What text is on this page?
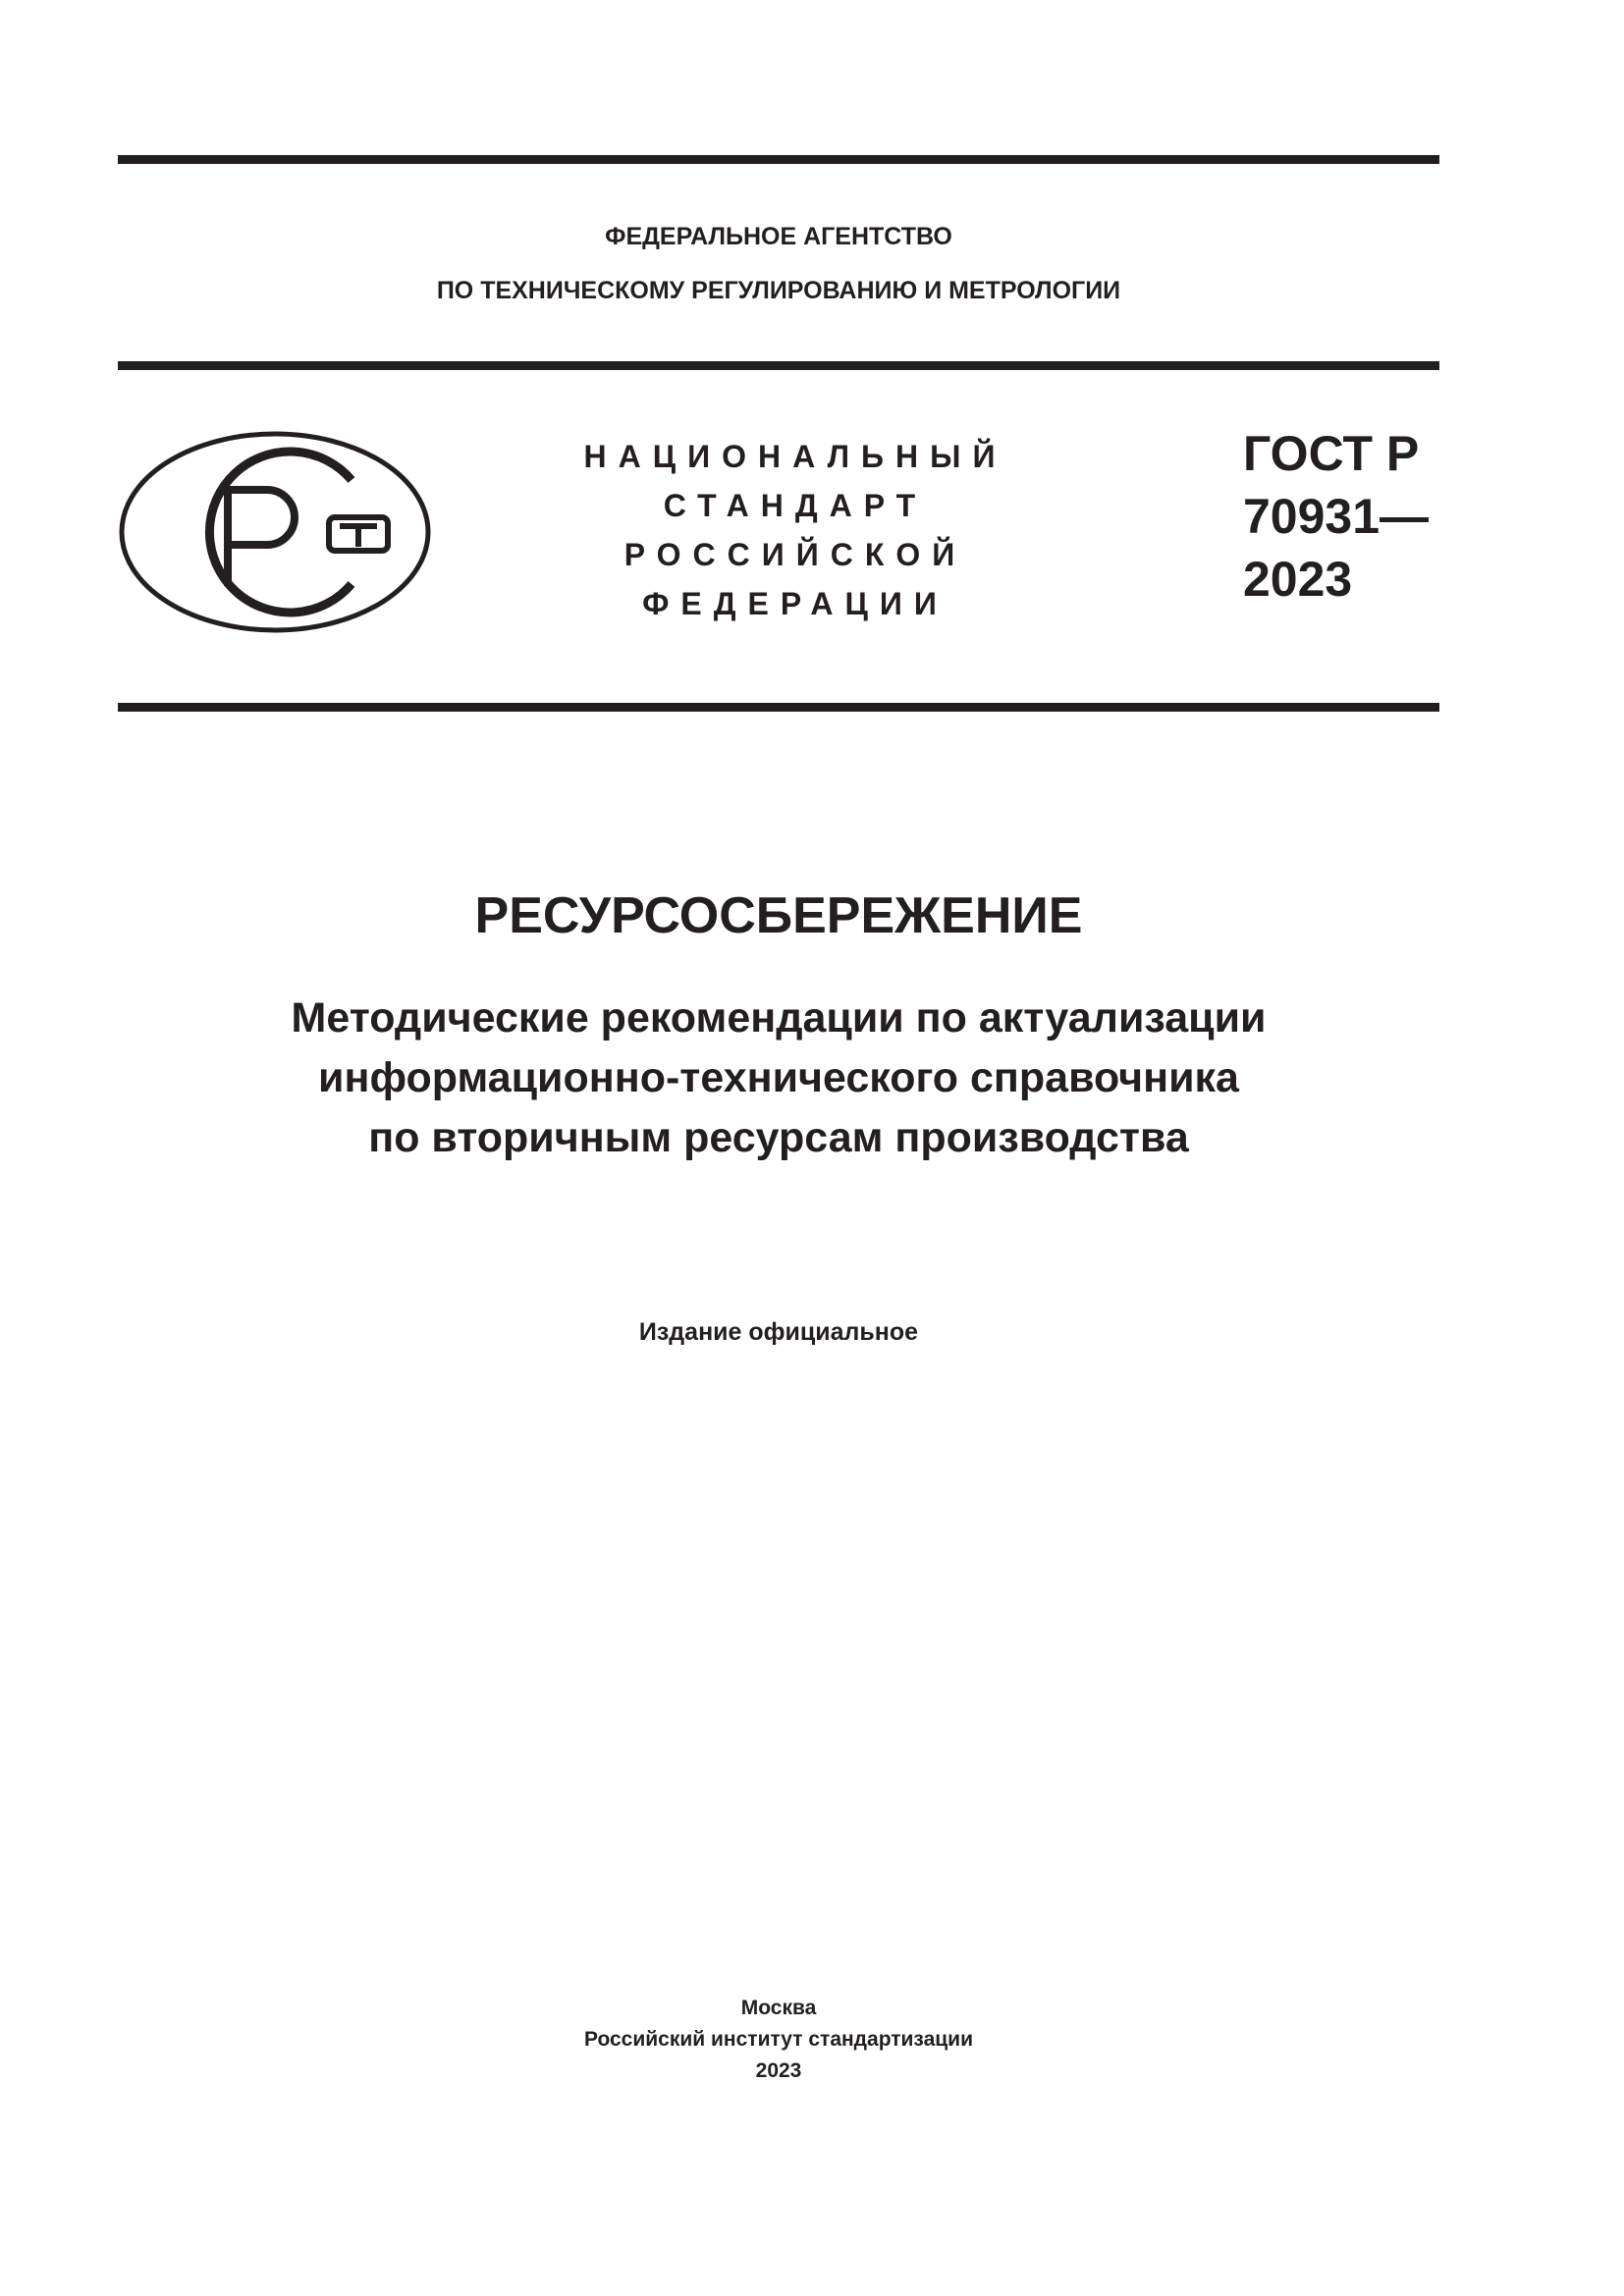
ФЕДЕРАЛЬНОЕ АГЕНТСТВО
ПО ТЕХНИЧЕСКОМУ РЕГУЛИРОВАНИЮ И МЕТРОЛОГИИ
НАЦИОНАЛЬНЫЙ
СТАНДАРТ
РОССИЙСКОЙ
ФЕДЕРАЦИИ
ГОСТ Р
70931—
2023
РЕСУРСОСБЕРЕЖЕНИЕ
Методические рекомендации по актуализации
информационно-технического справочника
по вторичным ресурсам производства
Издание официальное
Москва
Российский институт стандартизации
2023
